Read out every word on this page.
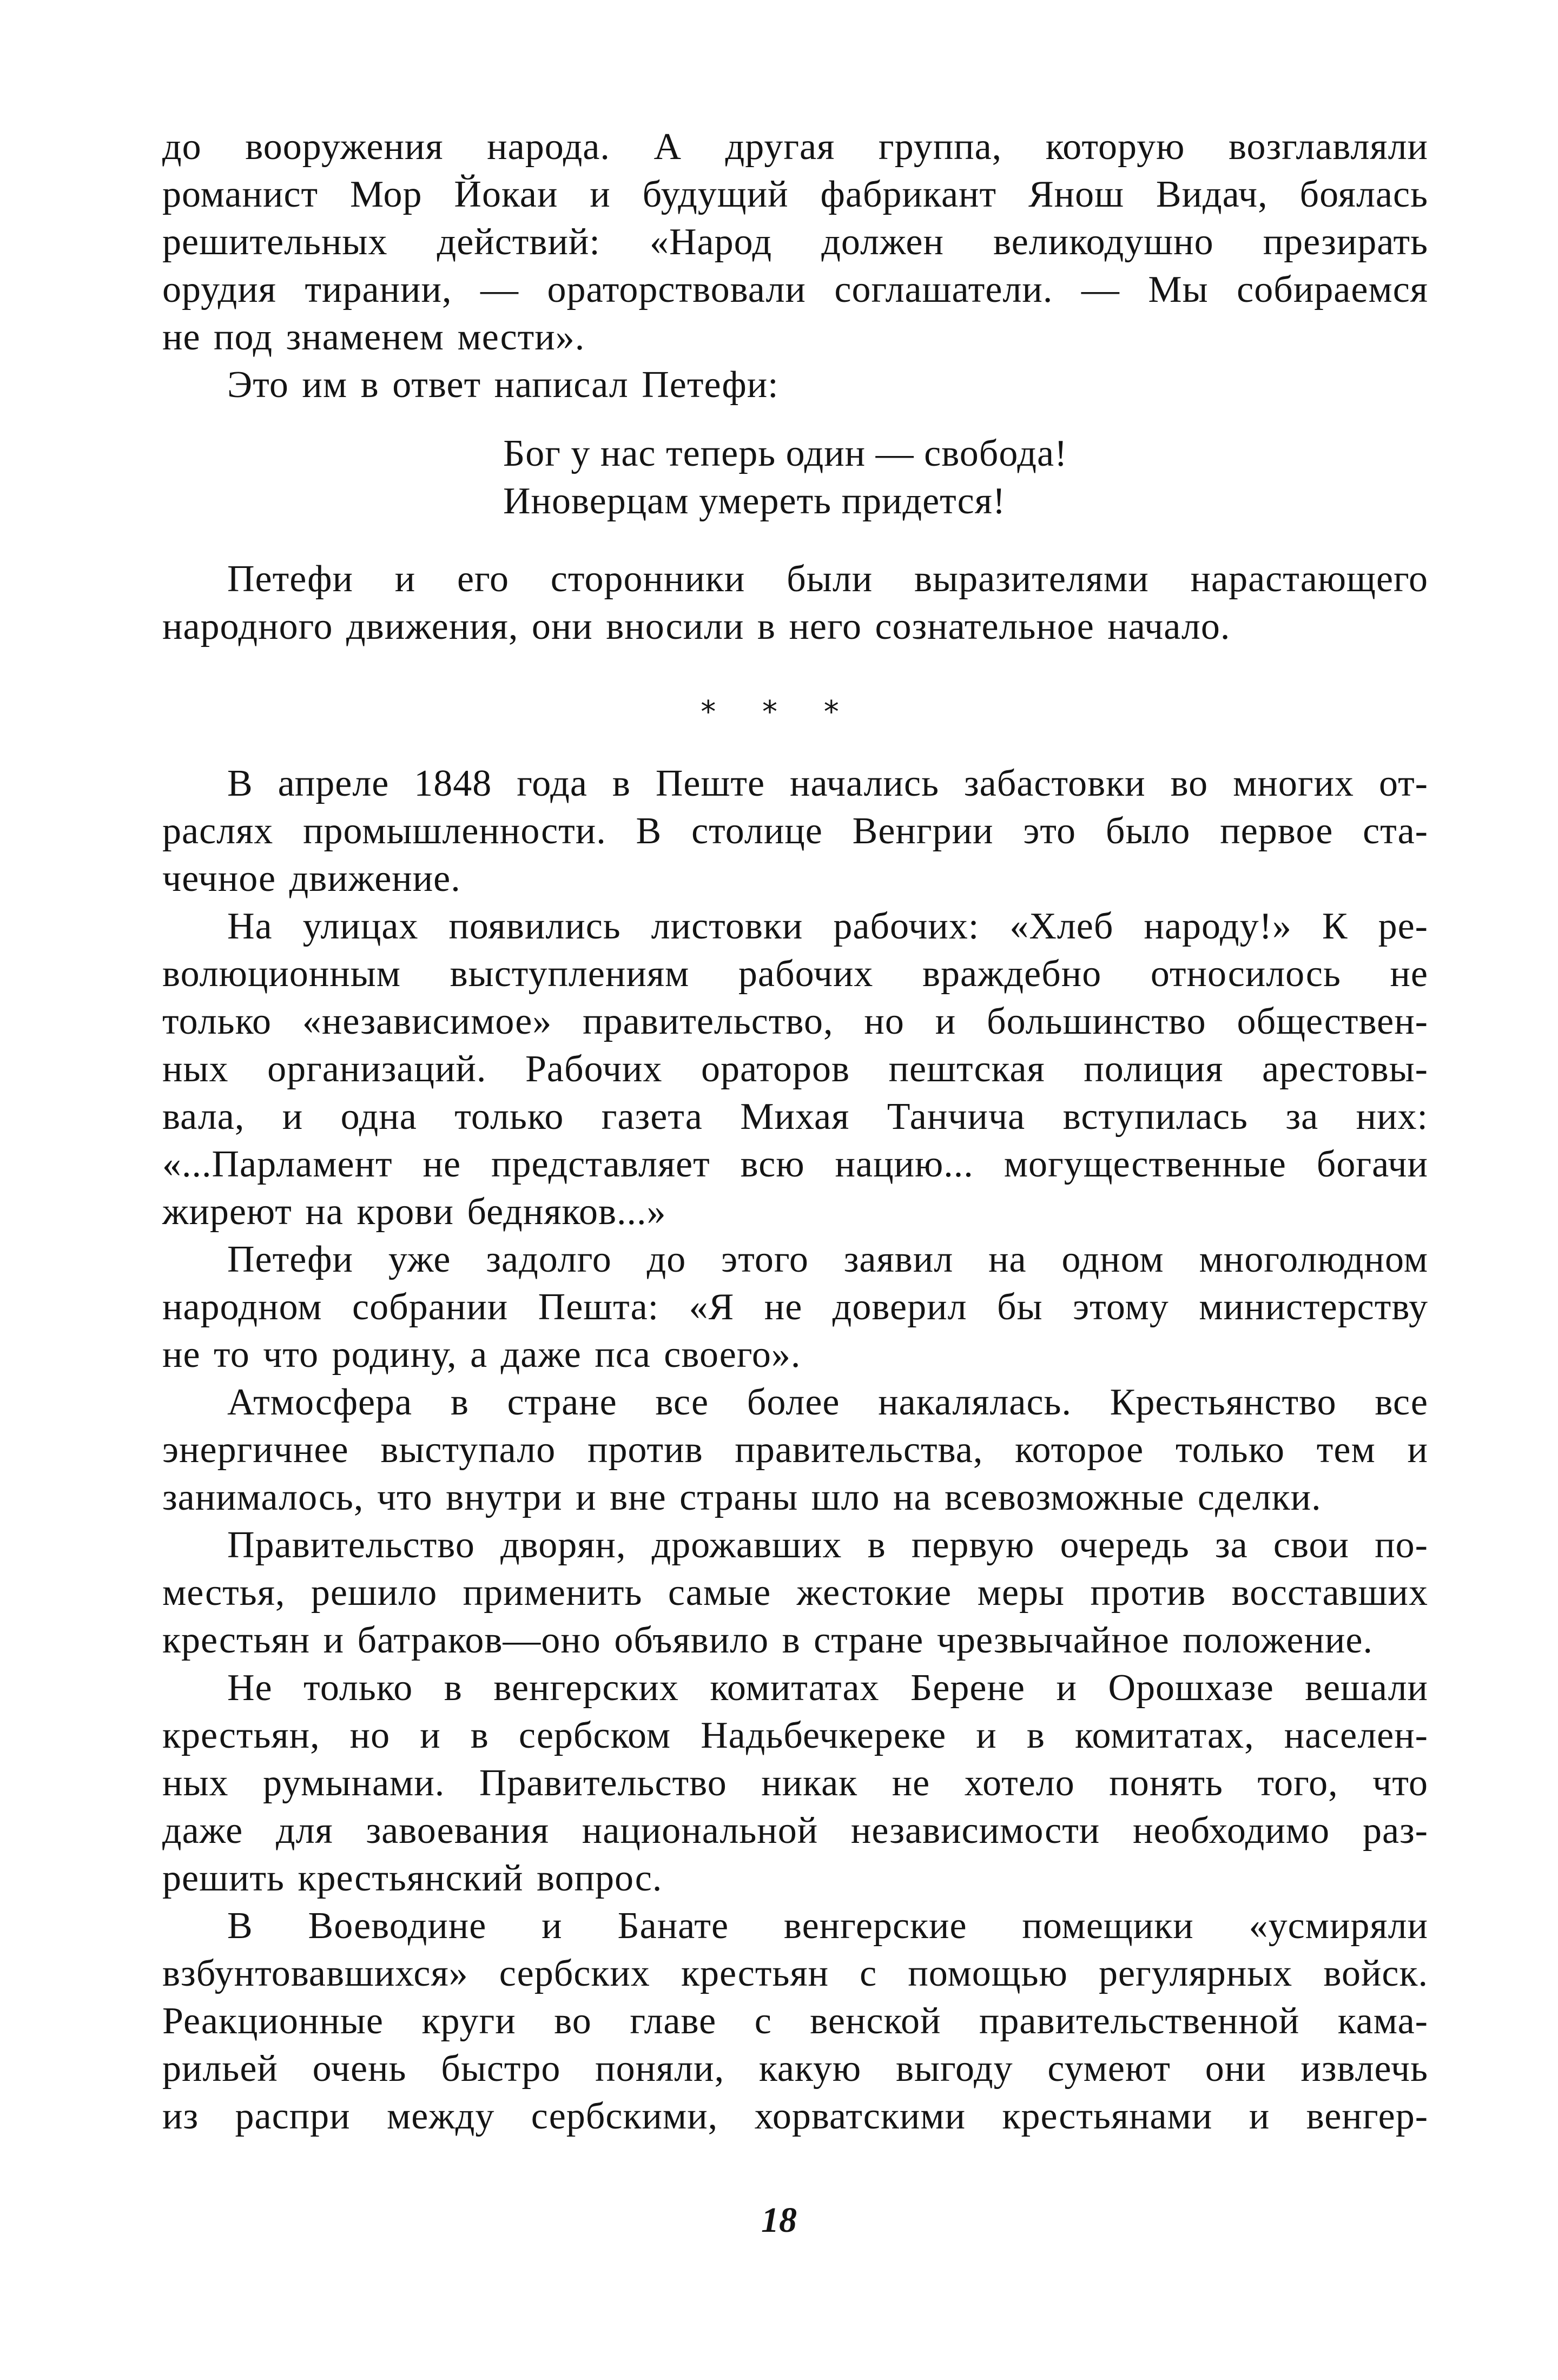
до вооружения народа. А другая группа, которую возглавляли
романист Мор Йокаи и будущий фабрикант Янош Видач, боялась
решительных действий: «Народ должен великодушно презирать
орудия тирании, — ораторствовали соглашатели. — Мы собираемся
не под знаменем мести».
Это им в ответ написал Петефи:
Бог у нас теперь один — свобода!
Иноверцам умереть придется!
Петефи и его сторонники были выразителями нарастающего
народного движения, они вносили в него сознательное начало.
* * *
В апреле 1848 года в Пеште начались забастовки во многих от-
раслях промышленности. В столице Венгрии это было первое ста-
чечное движение.
На улицах появились листовки рабочих: «Хлеб народу!» К ре-
волюционным выступлениям рабочих враждебно относилось не
только «независимое» правительство, но и большинство обществен-
ных организаций. Рабочих ораторов пештская полиция арестовы-
вала, и одна только газета Михая Танчича вступилась за них:
«...Парламент не представляет всю нацию... могущественные богачи
жиреют на крови бедняков...»
Петефи уже задолго до этого заявил на одном многолюдном
народном собрании Пешта: «Я не доверил бы этому министерству
не то что родину, а даже пса своего».
Атмосфера в стране все более накалялась. Крестьянство все
энергичнее выступало против правительства, которое только тем и
занималось, что внутри и вне страны шло на всевозможные сделки.
Правительство дворян, дрожавших в первую очередь за свои по-
местья, решило применить самые жестокие меры против восставших
крестьян и батраков—оно объявило в стране чрезвычайное положение.
Не только в венгерских комитатах Берене и Орошхазе вешали
крестьян, но и в сербском Надьбечкереке и в комитатах, населен-
ных румынами. Правительство никак не хотело понять того, что
даже для завоевания национальной независимости необходимо раз-
решить крестьянский вопрос.
В Воеводине и Банате венгерские помещики «усмиряли
взбунтовавшихся» сербских крестьян с помощью регулярных войск.
Реакционные круги во главе с венской правительственной кама-
рильей очень быстро поняли, какую выгоду сумеют они извлечь
из распри между сербскими, хорватскими крестьянами и венгер-
18
